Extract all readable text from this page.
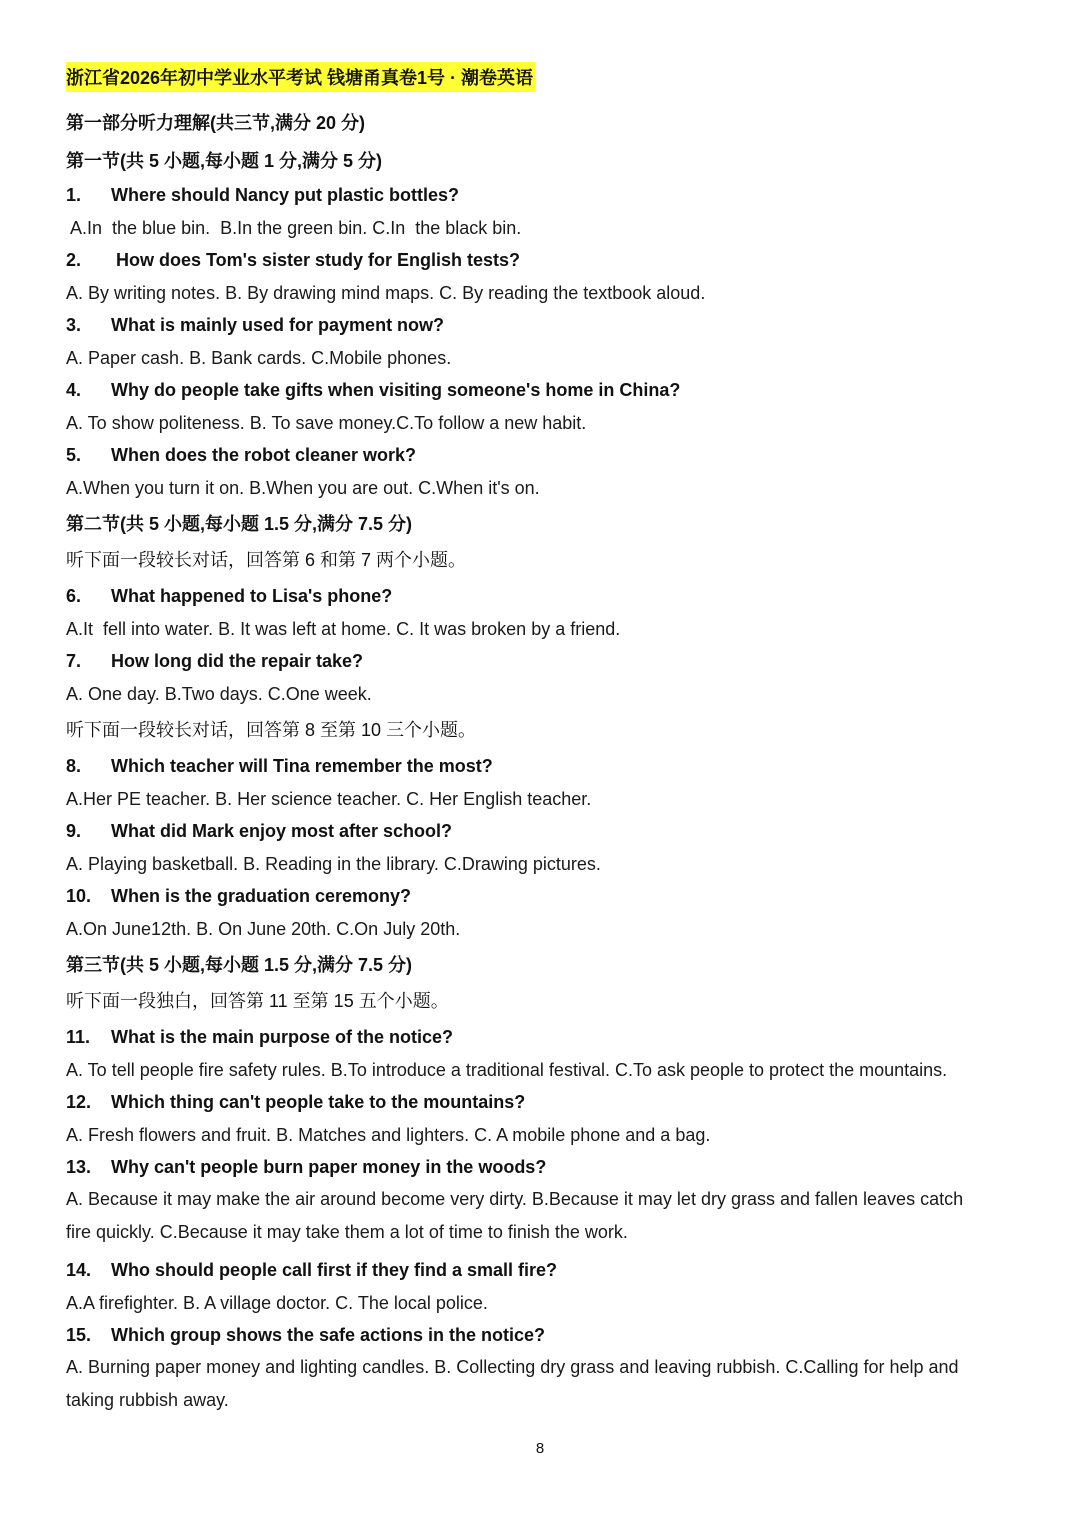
浙江省2026年初中学业水平考试 钱塘甬真卷1号 · 潮卷英语
第一部分听力理解(共三节,满分 20 分)
第一节(共 5 小题,每小题 1 分,满分 5 分)
1.	Where should Nancy put plastic bottles?
A.In  the blue bin.  B.In the green bin. C.In  the black bin.
2.	How does Tom's sister study for English tests?
A. By writing notes. B. By drawing mind maps. C. By reading the textbook aloud.
3.	What is mainly used for payment now?
A. Paper cash. B. Bank cards. C.Mobile phones.
4.	Why do people take gifts when visiting someone's home in China?
A. To show politeness. B. To save money.C.To follow a new habit.
5.	When does the robot cleaner work?
A.When you turn it on. B.When you are out. C.When it's on.
第二节(共 5 小题,每小题 1.5 分,满分 7.5 分)
听下面一段较长对话，回答第 6 和第 7 两个小题。
6.	What happened to Lisa's phone?
A.It  fell into water. B. It was left at home. C. It was broken by a friend.
7.	How long did the repair take?
A. One day. B.Two days. C.One week.
听下面一段较长对话，回答第 8 至第 10 三个小题。
8.	Which teacher will Tina remember the most?
A.Her PE teacher. B. Her science teacher. C. Her English teacher.
9.	What did Mark enjoy most after school?
A. Playing basketball. B. Reading in the library. C.Drawing pictures.
10.	When is the graduation ceremony?
A.On June12th. B. On June 20th. C.On July 20th.
第三节(共 5 小题,每小题 1.5 分,满分 7.5 分)
听下面一段独白，回答第 11 至第 15 五个小题。
11.	What is the main purpose of the notice?
A. To tell people fire safety rules. B.To introduce a traditional festival. C.To ask people to protect the mountains.
12.	Which thing can't people take to the mountains?
A. Fresh flowers and fruit. B. Matches and lighters. C. A mobile phone and a bag.
13.	Why can't people burn paper money in the woods?
A. Because it may make the air around become very dirty. B.Because it may let dry grass and fallen leaves catch fire quickly. C.Because it may take them a lot of time to finish the work.
14.	Who should people call first if they find a small fire?
A.A firefighter. B. A village doctor. C. The local police.
15.	Which group shows the safe actions in the notice?
A. Burning paper money and lighting candles. B. Collecting dry grass and leaving rubbish. C.Calling for help and taking rubbish away.
8
